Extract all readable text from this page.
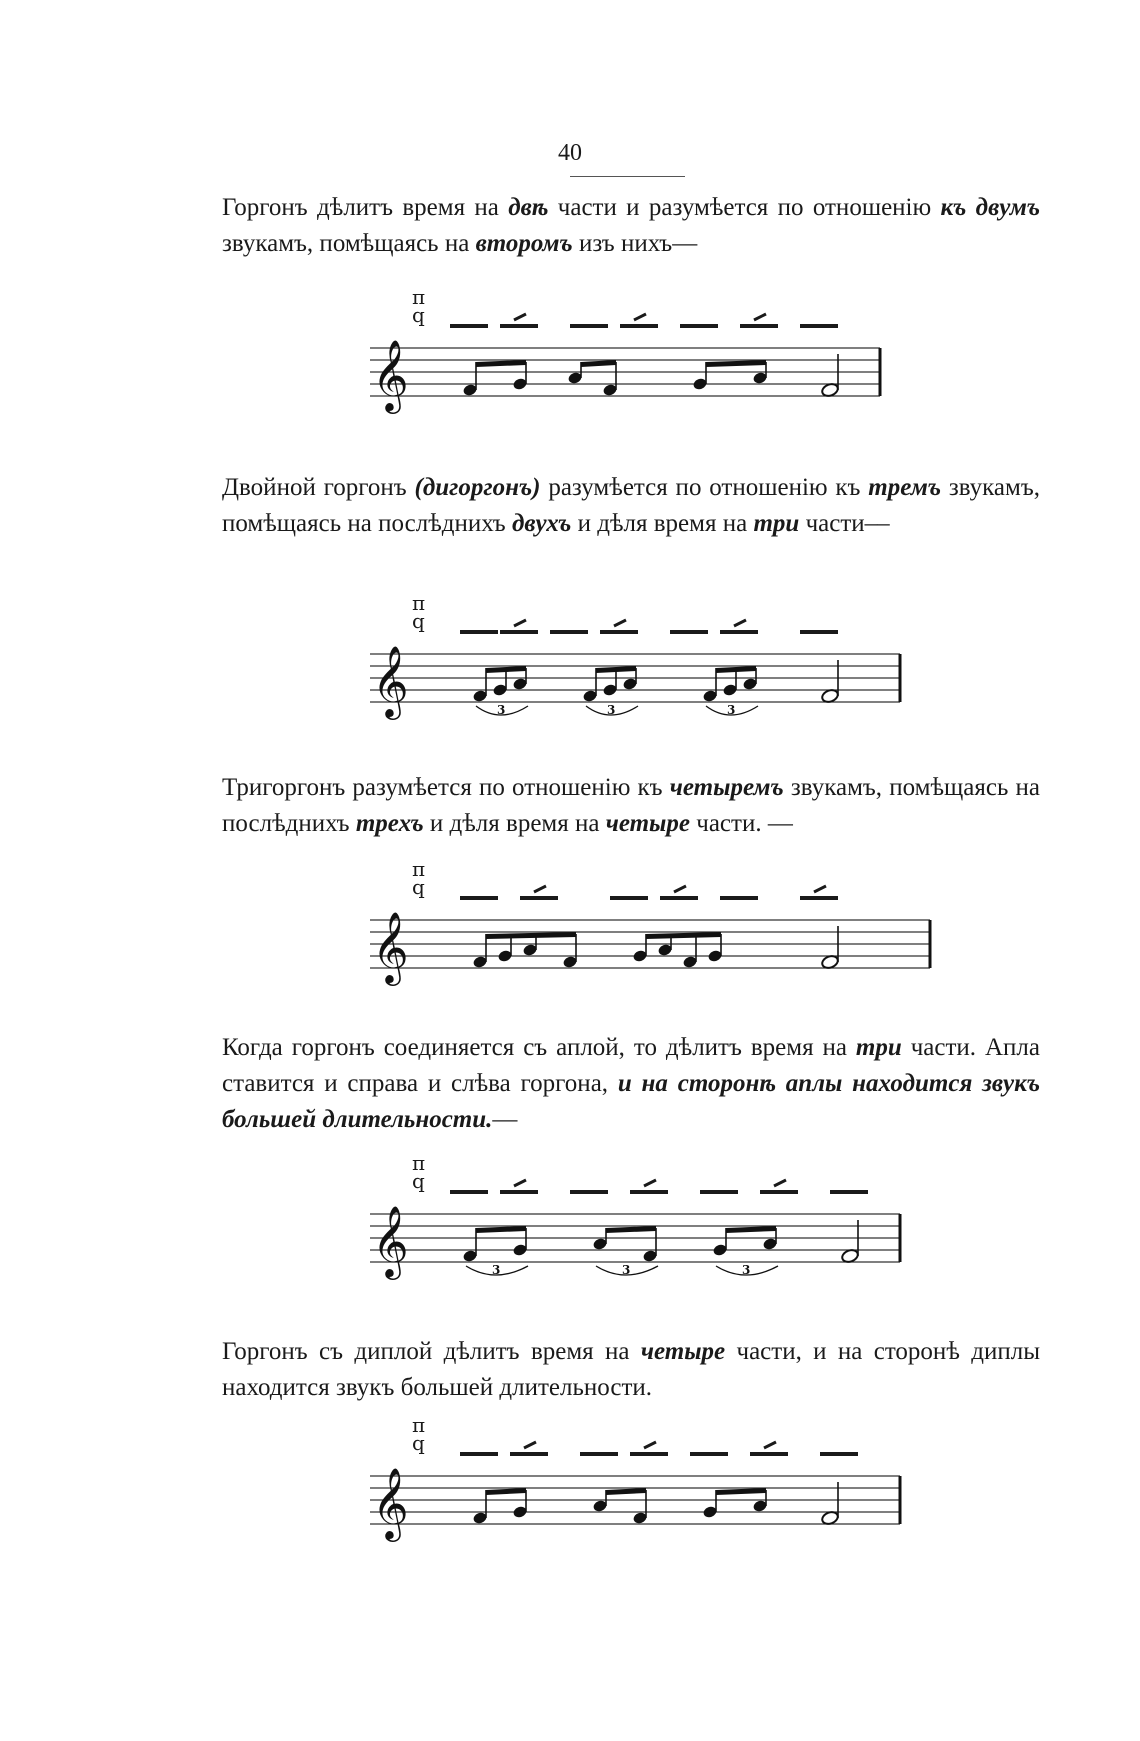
40

Горгонъ дѣлитъ время на двѣ части и разумѣется по отношенію къ двумъ звукамъ, помѣщаясь на второмъ изъ нихъ—

π
q
𝄞

Двойной горгонъ (дигоргонъ) разумѣется по отношенію къ тремъ звукамъ, помѣщаясь на послѣднихъ двухъ и дѣля время на три части––

π
q
𝄞	3	3	3

Тригоргонъ разумѣется по отношенію къ четыремъ звукамъ, помѣщаясь на послѣднихъ трехъ и дѣля время на четыре части. —

π
q
𝄞

Когда горгонъ соединяется съ аплой, то дѣлитъ время на три части. Апла ставится и справа и слѣва горгона, и на сторонѣ аплы находится звукъ большей длительности.—

π
q
𝄞	3	3	3

Горгонъ съ диплой дѣлитъ время на четыре части, и на сторонѣ диплы находится звукъ большей длительности.

π
q
𝄞
